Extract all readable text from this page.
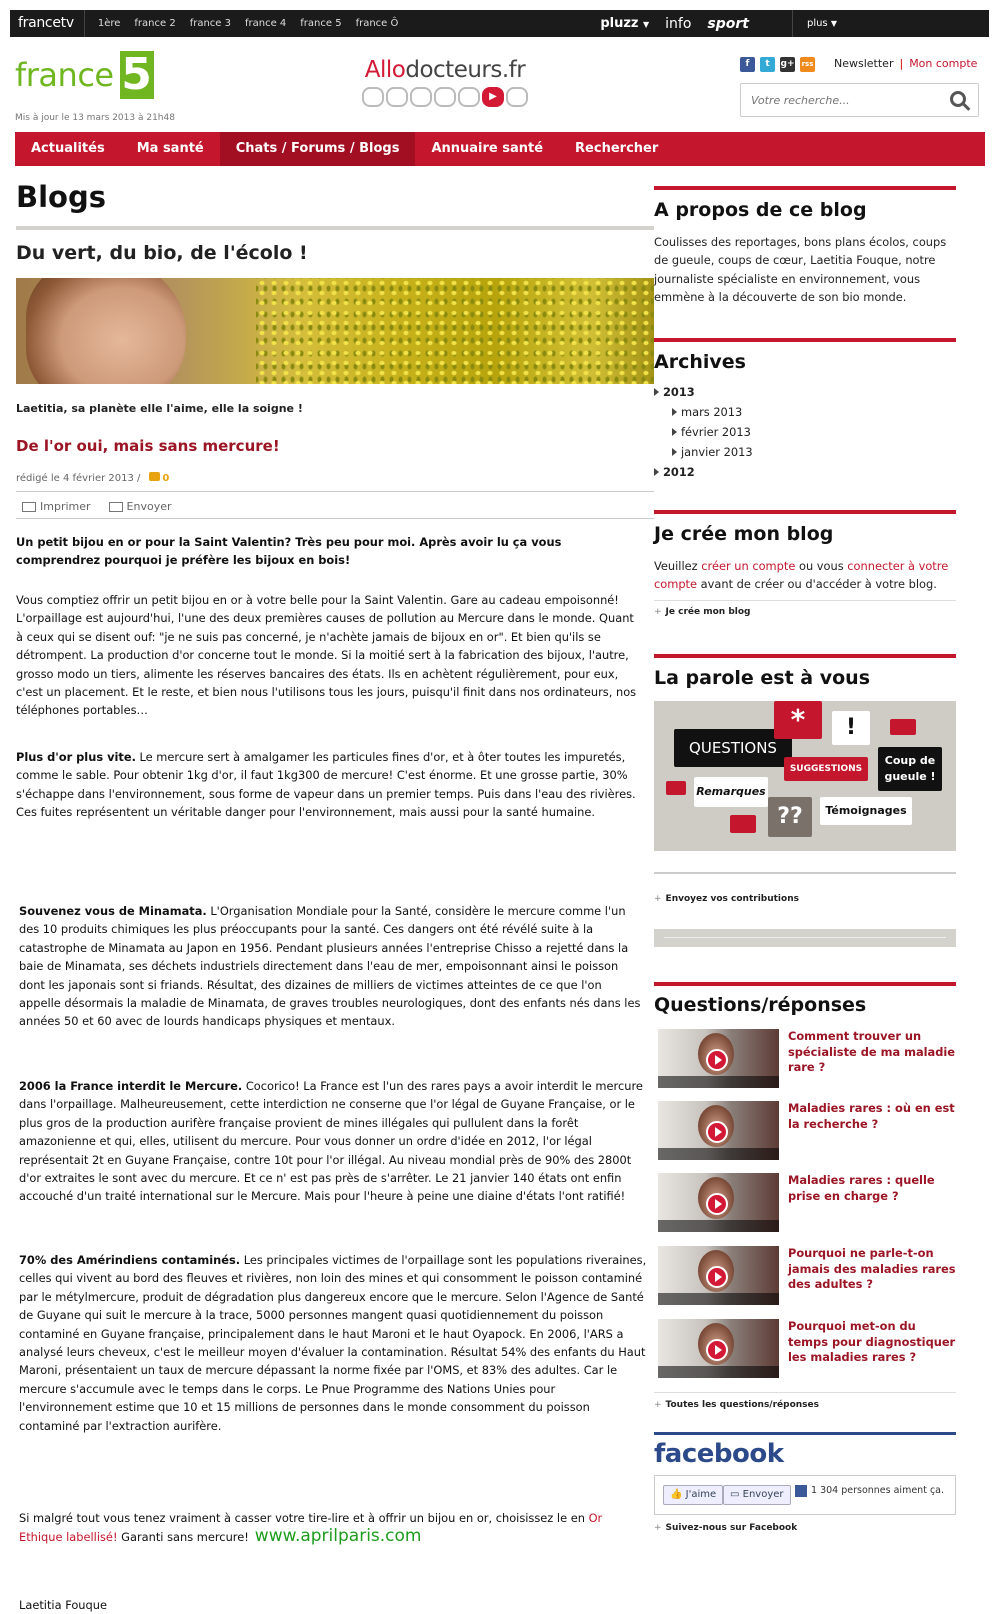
francetv	1ère	france 2	france 3	france 4	france 5	france Ô	pluzz ▼ info sport	plus ▼
france 5
Mis à jour le 13 mars 2013 à 21h48
Allodocteurs.fr
▶
f	t	g+ rss Newsletter | Mon compte
Votre recherche...
Actualités	Ma santé	Chats / Forums / Blogs	Annuaire santé	Rechercher
Blogs
Du vert, du bio, de l'écolo !
Laetitia, sa planète elle l'aime, elle la soigne !
De l'or oui, mais sans mercure!
rédigé le 4 février 2013 /	0
Imprimer	Envoyer
Un petit bijou en or pour la Saint Valentin? Très peu pour moi. Après avoir lu ça vous comprendrez pourquoi je préfère les bijoux en bois!
Vous comptiez offrir un petit bijou en or à votre belle pour la Saint Valentin. Gare au cadeau empoisonné! L'orpaillage est aujourd'hui, l'une des deux premières causes de pollution au Mercure dans le monde. Quant à ceux qui se disent ouf: "je ne suis pas concerné, je n'achète jamais de bijoux en or". Et bien qu'ils se détrompent. La production d'or concerne tout le monde. Si la moitié sert à la fabrication des bijoux, l'autre, grosso modo un tiers, alimente les réserves bancaires des états. Ils en achètent régulièrement, pour eux, c'est un placement. Et le reste, et bien nous l'utilisons tous les jours, puisqu'il finit dans nos ordinateurs, nos téléphones portables…
Plus d'or plus vite. Le mercure sert à amalgamer les particules fines d'or, et à ôter toutes les impuretés, comme le sable. Pour obtenir 1kg d'or, il faut 1kg300 de mercure! C'est énorme. Et une grosse partie, 30% s'échappe dans l'environnement, sous forme de vapeur dans un premier temps. Puis dans l'eau des rivières. Ces fuites représentent un véritable danger pour l'environnement, mais aussi pour la santé humaine.
Souvenez vous de Minamata. L'Organisation Mondiale pour la Santé, considère le mercure comme l'un des 10 produits chimiques les plus préoccupants pour la santé. Ces dangers ont été révélé suite à la catastrophe de Minamata au Japon en 1956. Pendant plusieurs années l'entreprise Chisso a rejetté dans la baie de Minamata, ses déchets industriels directement dans l'eau de mer, empoisonnant ainsi le poisson dont les japonais sont si friands. Résultat, des dizaines de milliers de victimes atteintes de ce que l'on appelle désormais la maladie de Minamata, de graves troubles neurologiques, dont des enfants nés dans les années 50 et 60 avec de lourds handicaps physiques et mentaux.
2006 la France interdit le Mercure. Cocorico! La France est l'un des rares pays a avoir interdit le mercure dans l'orpaillage. Malheureusement, cette interdiction ne conserne que l'or légal de Guyane Française, or le plus gros de la production aurifère française provient de mines illégales qui pullulent dans la forêt amazonienne et qui, elles, utilisent du mercure. Pour vous donner un ordre d'idée en 2012, l'or légal représentait 2t en Guyane Française, contre 10t pour l'or illégal. Au niveau mondial près de 90% des 2800t d'or extraites le sont avec du mercure. Et ce n' est pas près de s'arrêter. Le 21 janvier 140 états ont enfin accouché d'un traité international sur le Mercure. Mais pour l'heure à peine une diaine d'états l'ont ratifié!
70% des Amérindiens contaminés. Les principales victimes de l'orpaillage sont les populations riveraines, celles qui vivent au bord des fleuves et rivières, non loin des mines et qui consomment le poisson contaminé par le métylmercure, produit de dégradation plus dangereux encore que le mercure. Selon l'Agence de Santé de Guyane qui suit le mercure à la trace, 5000 personnes mangent quasi quotidiennement du poisson contaminé en Guyane française, principalement dans le haut Maroni et le haut Oyapock. En 2006, l'ARS a analysé leurs cheveux, c'est le meilleur moyen d'évaluer la contamination. Résultat 54% des enfants du Haut Maroni, présentaient un taux de mercure dépassant la norme fixée par l'OMS, et 83% des adultes. Car le mercure s'accumule avec le temps dans le corps. Le Pnue Programme des Nations Unies pour l'environnement estime que 10 et 15 millions de personnes dans le monde consomment du poisson contaminé par l'extraction aurifère.
Si malgré tout vous tenez vraiment à casser votre tire-lire et à offrir un bijou en or, choisissez le en Or Ethique labellisé! Garanti sans mercure! www.aprilparis.com
Laetitia Fouque
A propos de ce blog
Coulisses des reportages, bons plans écolos, coups de gueule, coups de cœur, Laetitia Fouque, notre journaliste spécialiste en environnement, vous emmène à la découverte de son bio monde.
Archives
2013
mars 2013
février 2013
janvier 2013
2012
Je crée mon blog
Veuillez créer un compte ou vous connecter à votre compte avant de créer ou d'accéder à votre blog.
+ Je crée mon blog
La parole est à vous
QUESTIONS
*	!
SUGGESTIONS
Coup de gueule !
Remarques
??	Témoignages
+ Envoyez vos contributions
Questions/réponses
Comment trouver un spécialiste de ma maladie rare ?
Maladies rares : où en est la recherche ?
Maladies rares : quelle prise en charge ?
Pourquoi ne parle-t-on jamais des maladies rares des adultes ?
Pourquoi met-on du temps pour diagnostiquer les maladies rares ?
+ Toutes les questions/réponses
facebook
👍 J'aime	▭ Envoyer	1 304 personnes aiment ça.
+ Suivez-nous sur Facebook
